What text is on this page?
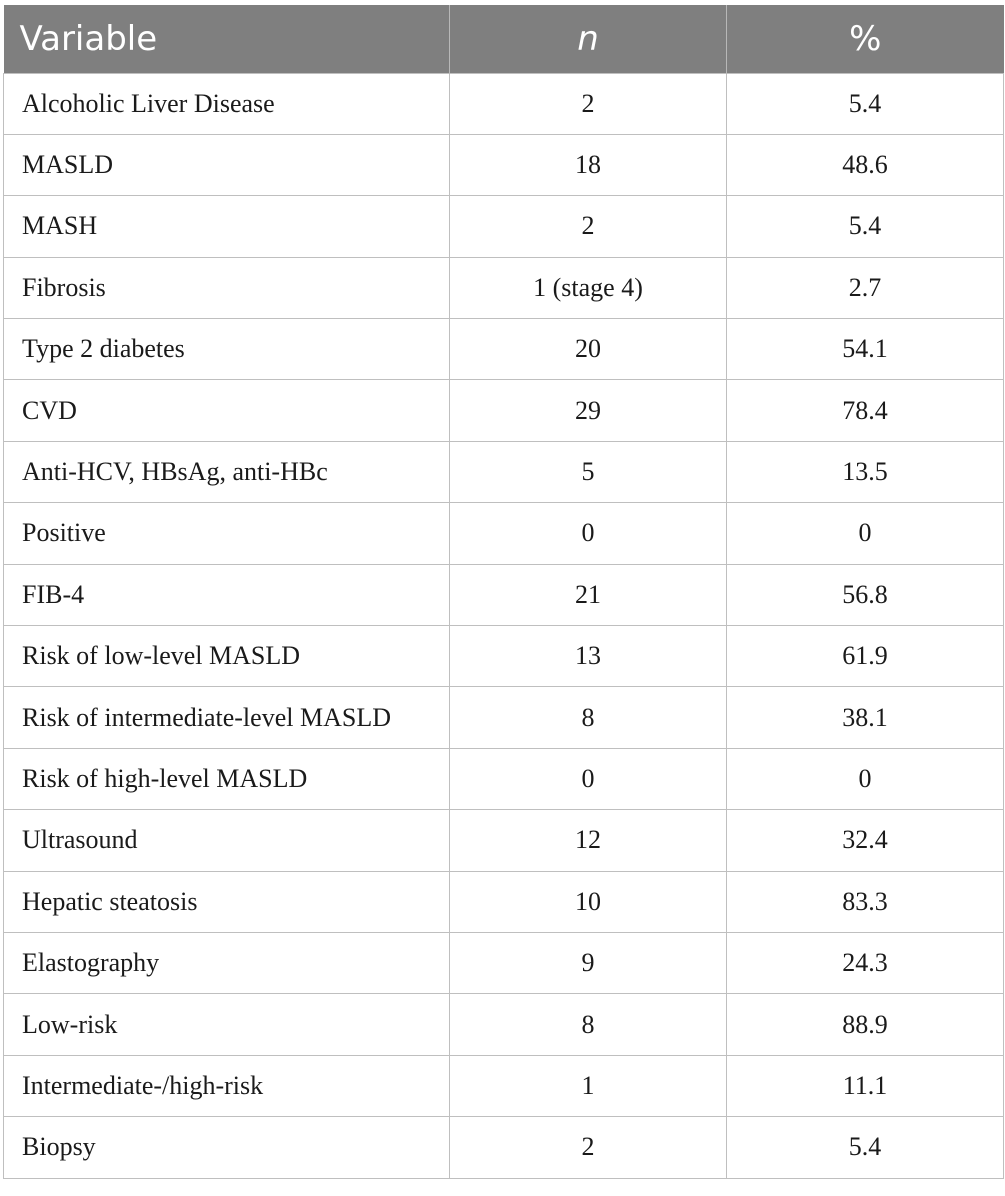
Variable	n	%
Alcoholic Liver Disease	2	5.4
MASLD	18	48.6
MASH	2	5.4
Fibrosis	1 (stage 4)	2.7
Type 2 diabetes	20	54.1
CVD	29	78.4
Anti-HCV, HBsAg, anti-HBc	5	13.5
Positive	0	0
FIB-4	21	56.8
Risk of low-level MASLD	13	61.9
Risk of intermediate-level MASLD	8	38.1
Risk of high-level MASLD	0	0
Ultrasound	12	32.4
Hepatic steatosis	10	83.3
Elastography	9	24.3
Low-risk	8	88.9
Intermediate-/high-risk	1	11.1
Biopsy	2	5.4
